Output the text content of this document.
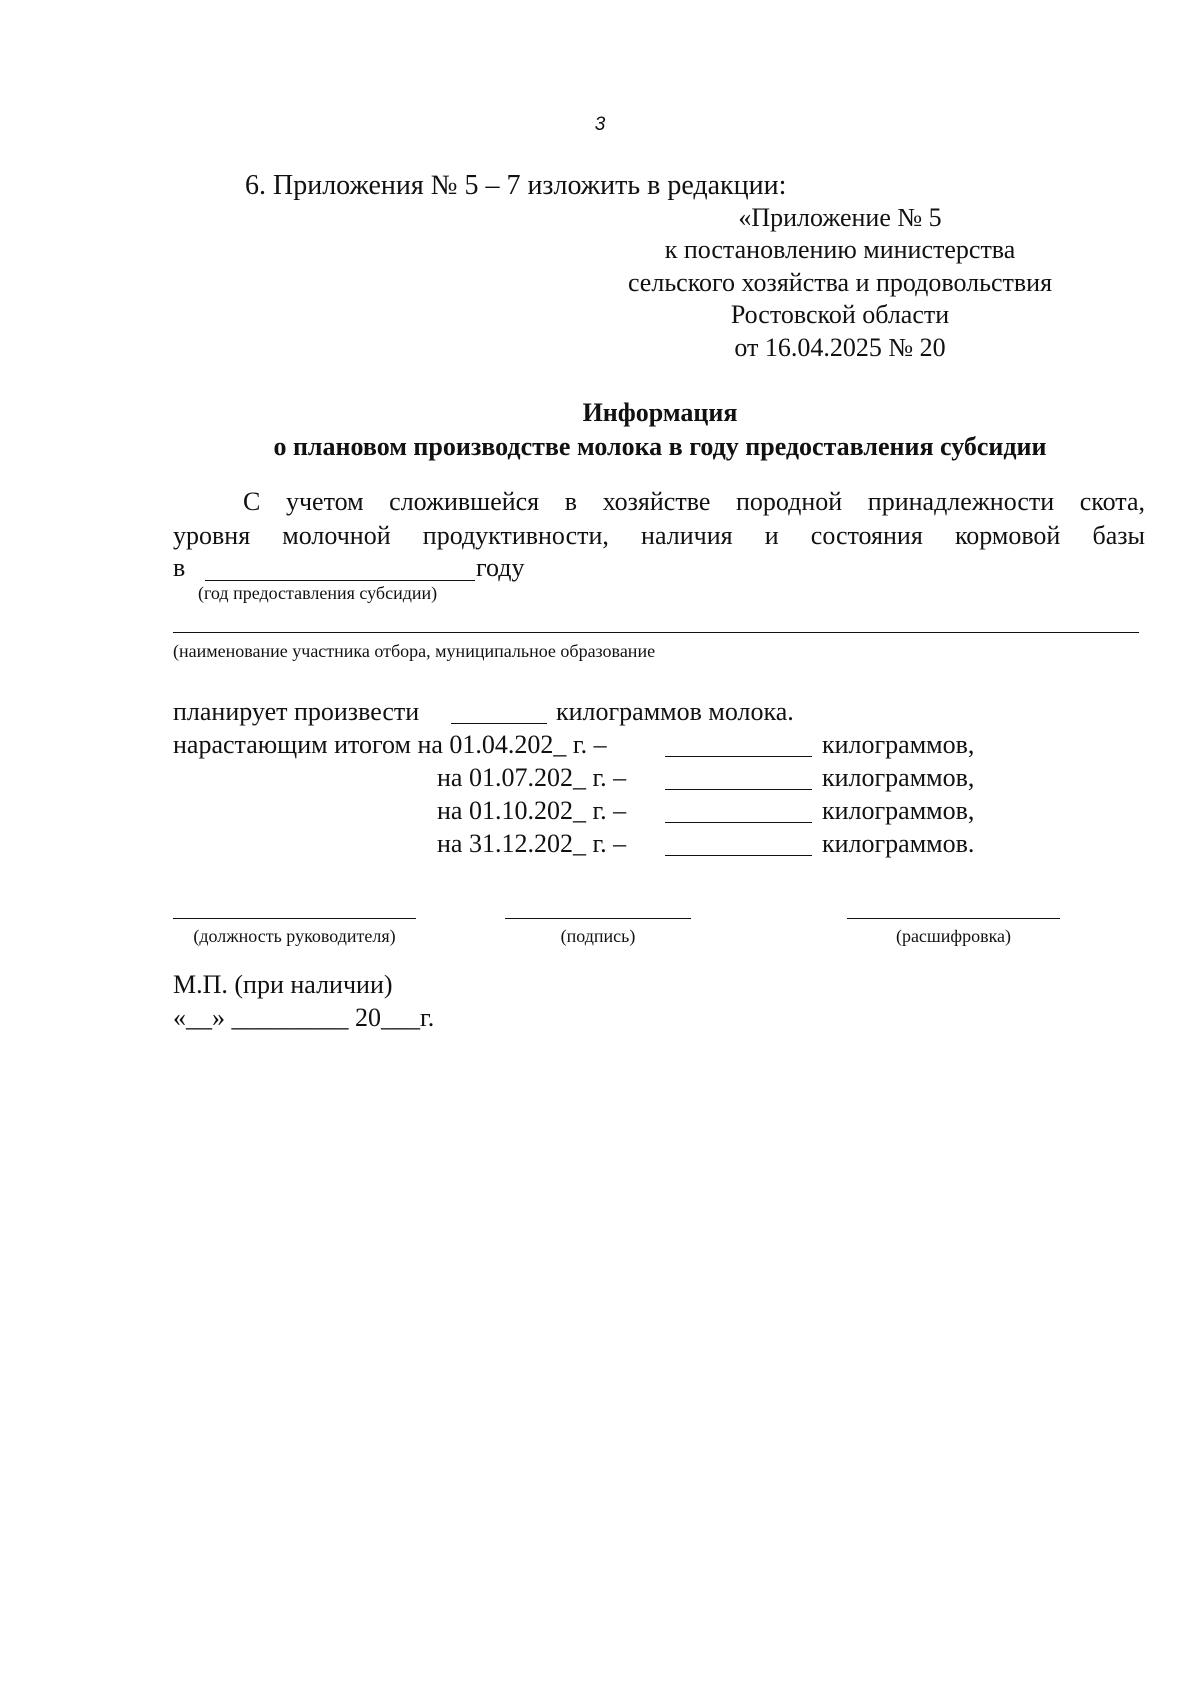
3
6. Приложения № 5 – 7 изложить в редакции:
«Приложение № 5
к постановлению министерства
сельского хозяйства и продовольствия
Ростовской области
от 16.04.2025 № 20
Информация
о плановом производстве молока в году предоставления субсидии
С учетом сложившейся в хозяйстве породной принадлежности скота,
уровня молочной продуктивности, наличия и состояния кормовой базы
в	году
(год предоставления субсидии)
(наименование участника отбора, муниципальное образование
планирует произвести	килограммов молока.
нарастающим итогом на 01.04.202_ г. –	килограммов,
на 01.07.202_ г. –	килограммов,
на 01.10.202_ г. –	килограммов,
на 31.12.202_ г. –	килограммов.
(должность руководителя)	(подпись)	(расшифровка)
М.П. (при наличии)
«__» _________ 20___г.
